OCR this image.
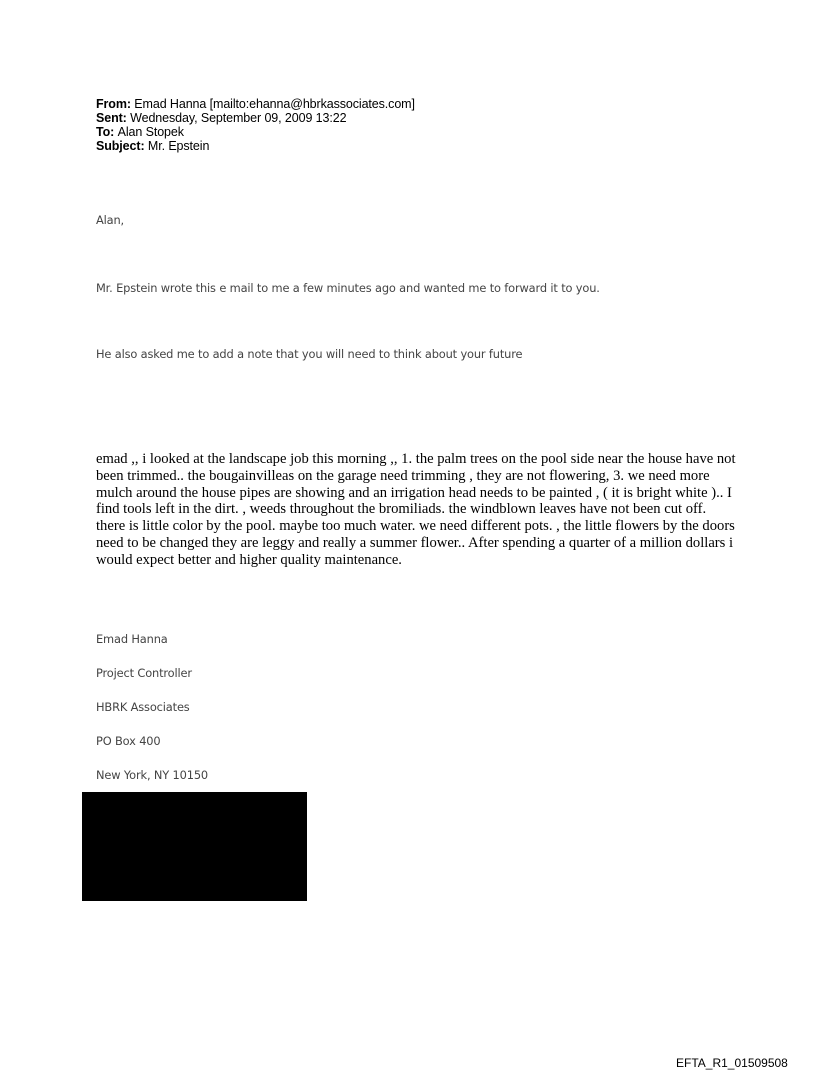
From: Emad Hanna [mailto:ehanna@hbrkassociates.com]
Sent: Wednesday, September 09, 2009 13:22
To: Alan Stopek
Subject: Mr. Epstein
Alan,
Mr. Epstein wrote this e mail to me a few minutes ago and wanted me to forward it to you.
He also asked me to add a note that you will need to think about your future
emad ,, i looked at the landscape job this morning ,, 1. the palm trees on the pool side near the house have not been trimmed.. the bougainvilleas on the garage need trimming , they are not flowering, 3. we need more mulch around the house pipes are showing and an irrigation head needs to be painted , ( it is bright white ).. I find tools left in the dirt. , weeds throughout the bromiliads. the windblown leaves have not been cut off. there is little color by the pool. maybe too much water. we need different pots. , the little flowers by the doors need to be changed they are leggy and really a summer flower.. After spending a quarter of a million dollars i would expect better and higher quality maintenance.
Emad Hanna
Project Controller
HBRK Associates
PO Box 400
New York, NY 10150
EFTA_R1_01509508
